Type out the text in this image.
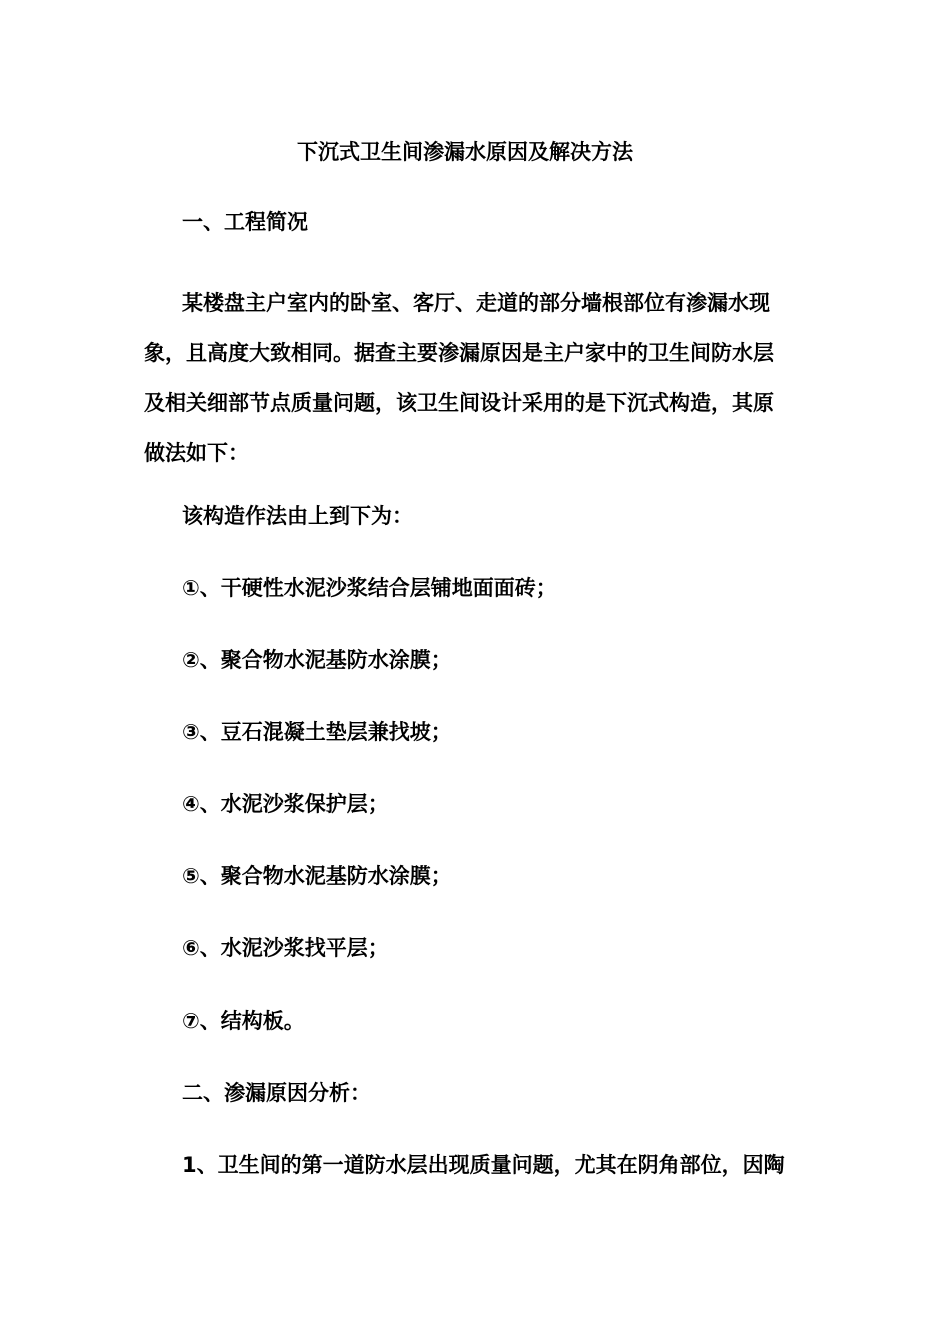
下沉式卫生间渗漏水原因及解决方法
一、工程简况
某楼盘主户室内的卧室、客厅、走道的部分墙根部位有渗漏水现
象，且高度大致相同。据查主要渗漏原因是主户家中的卫生间防水层
及相关细部节点质量问题，该卫生间设计采用的是下沉式构造，其原
做法如下：
该构造作法由上到下为：
①、干硬性水泥沙浆结合层铺地面面砖；
②、聚合物水泥基防水涂膜；
③、豆石混凝土垫层兼找坡；
④、水泥沙浆保护层；
⑤、聚合物水泥基防水涂膜；
⑥、水泥沙浆找平层；
⑦、结构板。
二、渗漏原因分析：
1、卫生间的第一道防水层出现质量问题，尤其在阴角部位，因陶
